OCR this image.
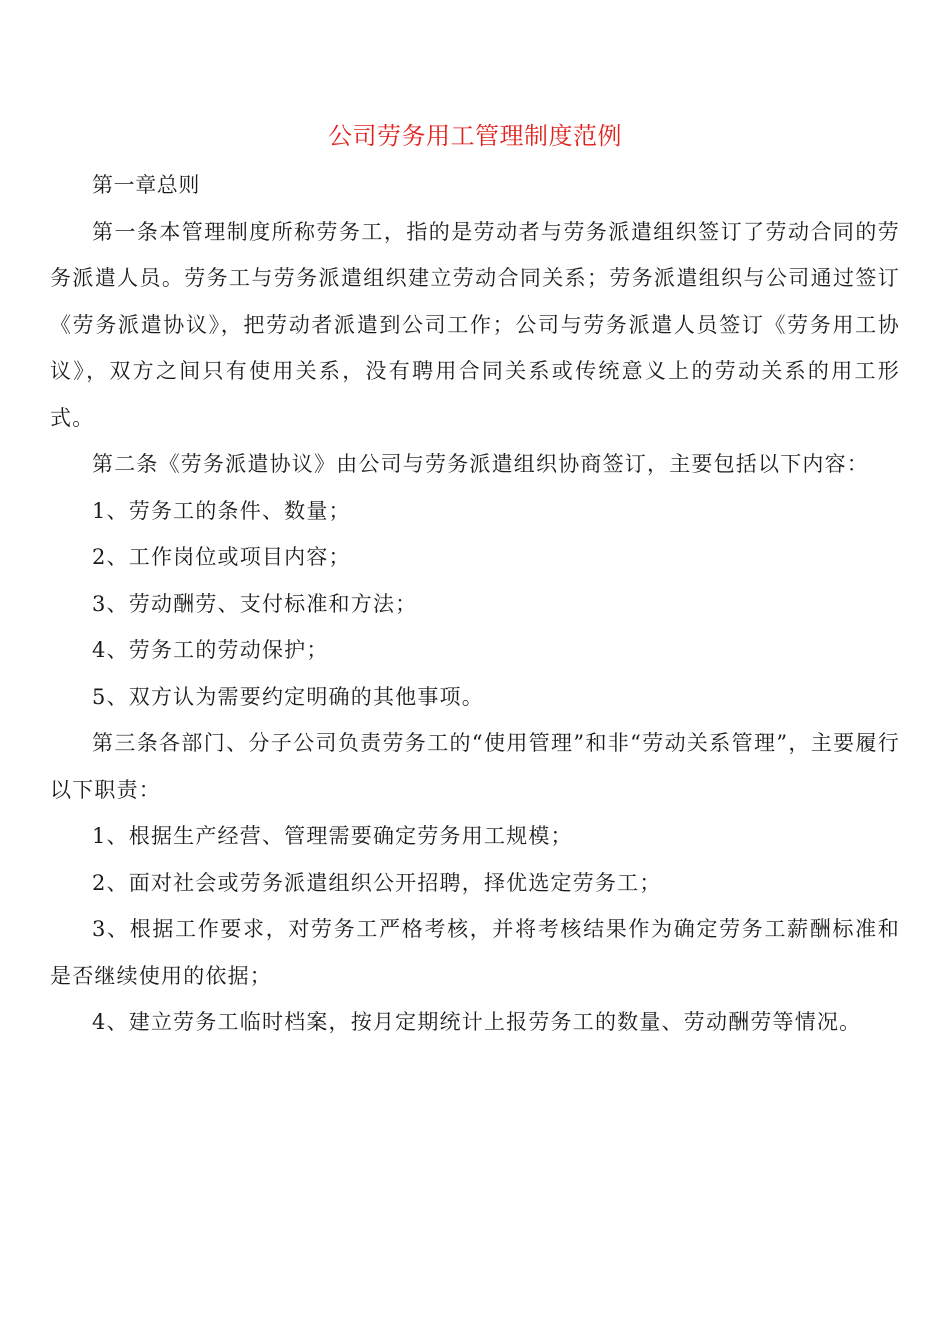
公司劳务用工管理制度范例

第一章总则

第一条本管理制度所称劳务工，指的是劳动者与劳务派遣组织签订了劳动合同的劳务派遣人员。劳务工与劳务派遣组织建立劳动合同关系；劳务派遣组织与公司通过签订《劳务派遣协议》，把劳动者派遣到公司工作；公司与劳务派遣人员签订《劳务用工协议》，双方之间只有使用关系，没有聘用合同关系或传统意义上的劳动关系的用工形式。

第二条《劳务派遣协议》由公司与劳务派遣组织协商签订，主要包括以下内容：

1、劳务工的条件、数量；

2、工作岗位或项目内容；

3、劳动酬劳、支付标准和方法；

4、劳务工的劳动保护；

5、双方认为需要约定明确的其他事项。

第三条各部门、分子公司负责劳务工的“使用管理”和非“劳动关系管理”，主要履行以下职责：

1、根据生产经营、管理需要确定劳务用工规模；

2、面对社会或劳务派遣组织公开招聘，择优选定劳务工；

3、根据工作要求，对劳务工严格考核，并将考核结果作为确定劳务工薪酬标准和是否继续使用的依据；

4、建立劳务工临时档案，按月定期统计上报劳务工的数量、劳动酬劳等情况。
